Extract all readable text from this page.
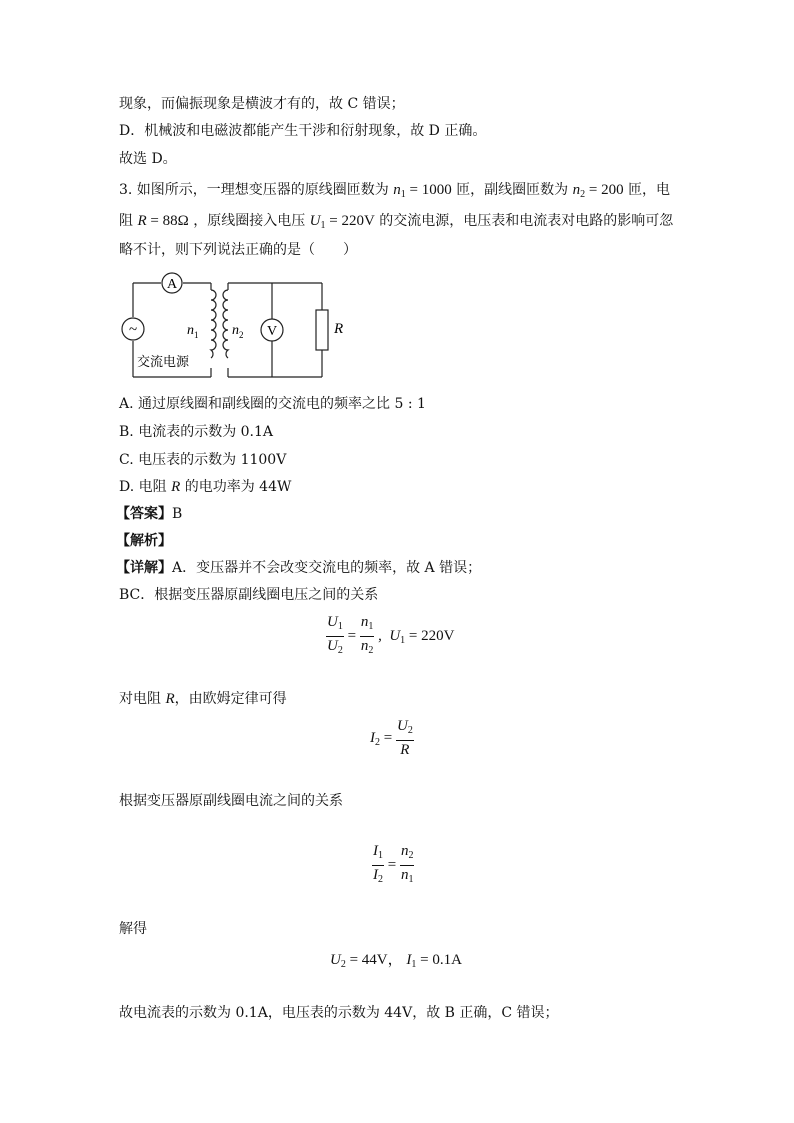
现象，而偏振现象是横波才有的，故 C 错误；
D．机械波和电磁波都能产生干涉和衍射现象，故 D 正确。
故选 D。
3. 如图所示，一理想变压器的原线圈匝数为 $n_1 = 1000$ 匝，副线圈匝数为 $n_2 = 200$ 匝，电
阻 R = 88Ω ，原线圈接入电压 $U_1 = 220V$ 的交流电源，电压表和电流表对电路的影响可忽
略不计，则下列说法正确的是（　　）
A
~	V	R
$n_1$ $n_2$
交流电源
A. 通过原线圈和副线圈的交流电的频率之比 5 : 1
B. 电流表的示数为 0.1A
C. 电压表的示数为 1100V
D. 电阻 R 的电功率为 44W
【答案】B
【解析】
【详解】A．变压器并不会改变交流电的频率，故 A 错误；
BC．根据变压器原副线圈电压之间的关系
$\frac{U_1}{U_2} = \frac{n_1}{n_2}$ ,  $U_1 = 220V$
对电阻 R，由欧姆定律可得
$I_2 = \frac{U_2}{R}$
根据变压器原副线圈电流之间的关系
$\frac{I_1}{I_2} = \frac{n_2}{n_1}$
解得
$U_2 = 44V$， $I_1 = 0.1A$
故电流表的示数为 0.1A，电压表的示数为 44V，故 B 正确，C 错误；
